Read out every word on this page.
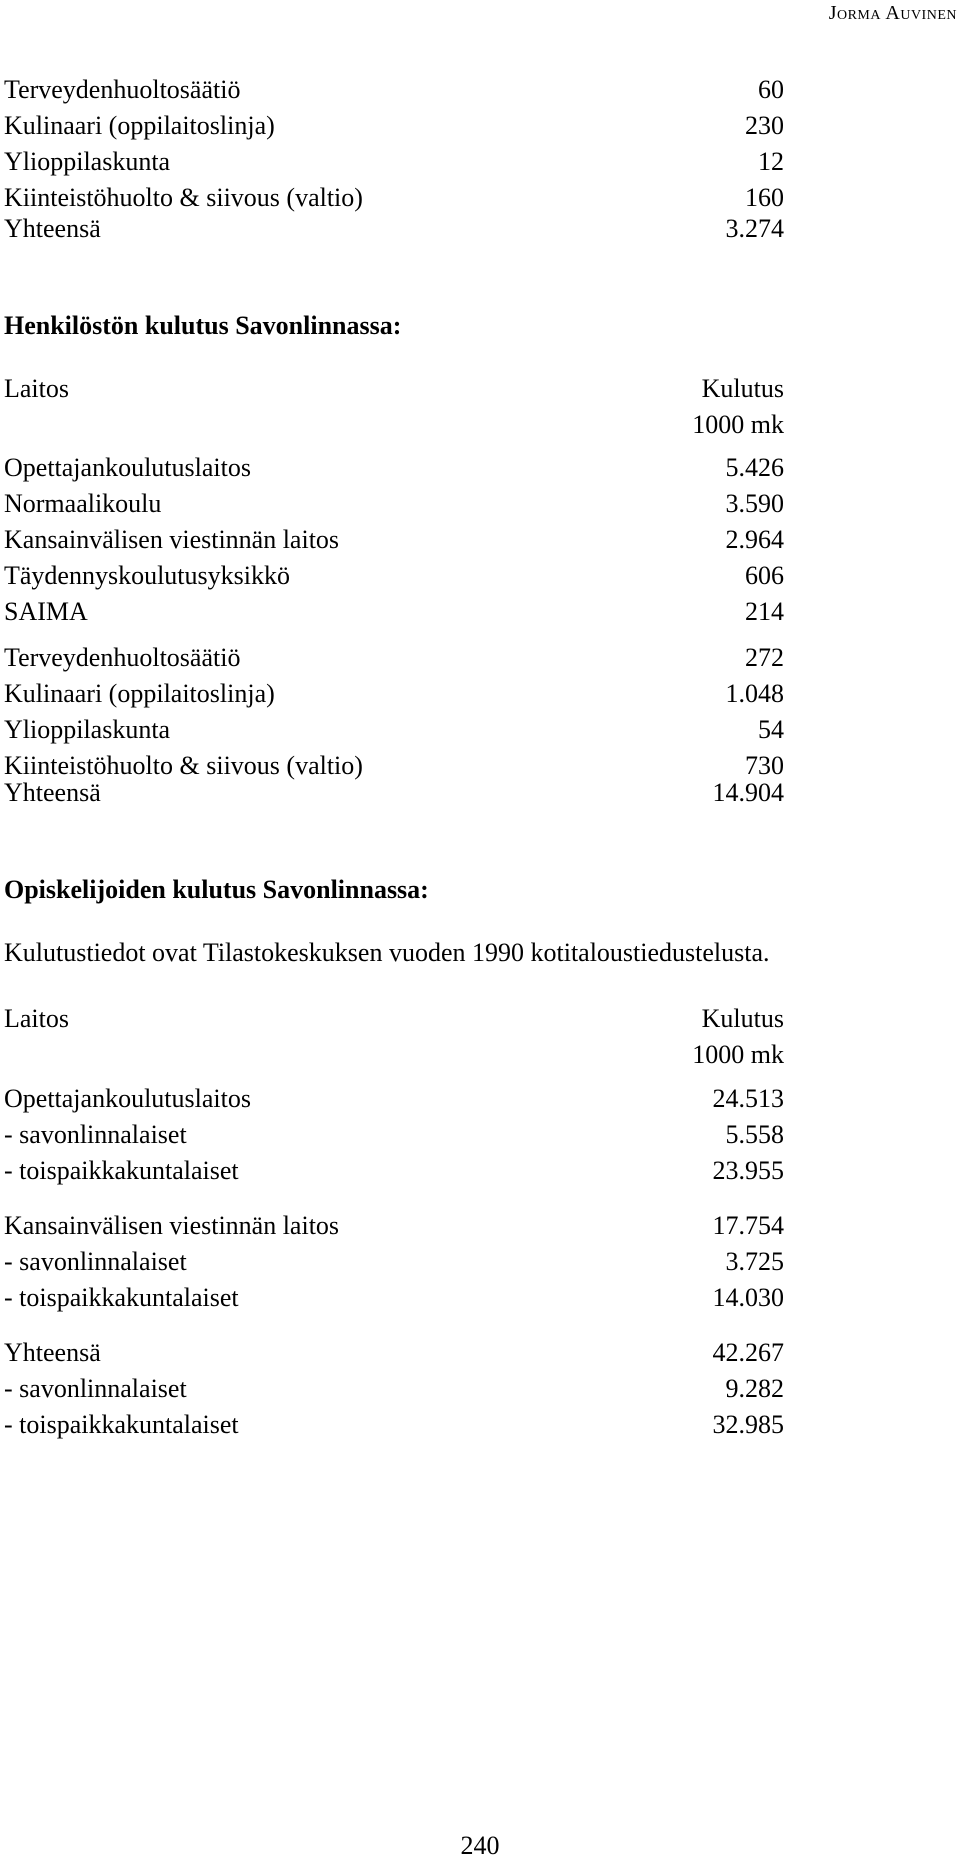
Jorma Auvinen
Terveydenhuoltosäätiö	60
Kulinaari (oppilaitoslinja)	230
Ylioppilaskunta	12
Kiinteistöhuolto & siivous (valtio)	160
Yhteensä	3.274
Henkilöstön kulutus Savonlinnassa:
Laitos	Kulutus
1000 mk
Opettajankoulutuslaitos	5.426
Normaalikoulu	3.590
Kansainvälisen viestinnän laitos	2.964
Täydennyskoulutusyksikkö	606
SAIMA	214
Terveydenhuoltosäätiö	272
Kulinaari (oppilaitoslinja)	1.048
Ylioppilaskunta	54
Kiinteistöhuolto & siivous (valtio)	730
Yhteensä	14.904
Opiskelijoiden kulutus Savonlinnassa:
Kulutustiedot ovat Tilastokeskuksen vuoden 1990 kotitaloustiedustelusta.
Laitos	Kulutus
1000 mk
Opettajankoulutuslaitos	24.513
- savonlinnalaiset	5.558
- toispaikkakuntalaiset	23.955
Kansainvälisen viestinnän laitos	17.754
- savonlinnalaiset	3.725
- toispaikkakuntalaiset	14.030
Yhteensä	42.267
- savonlinnalaiset	9.282
- toispaikkakuntalaiset	32.985
240
